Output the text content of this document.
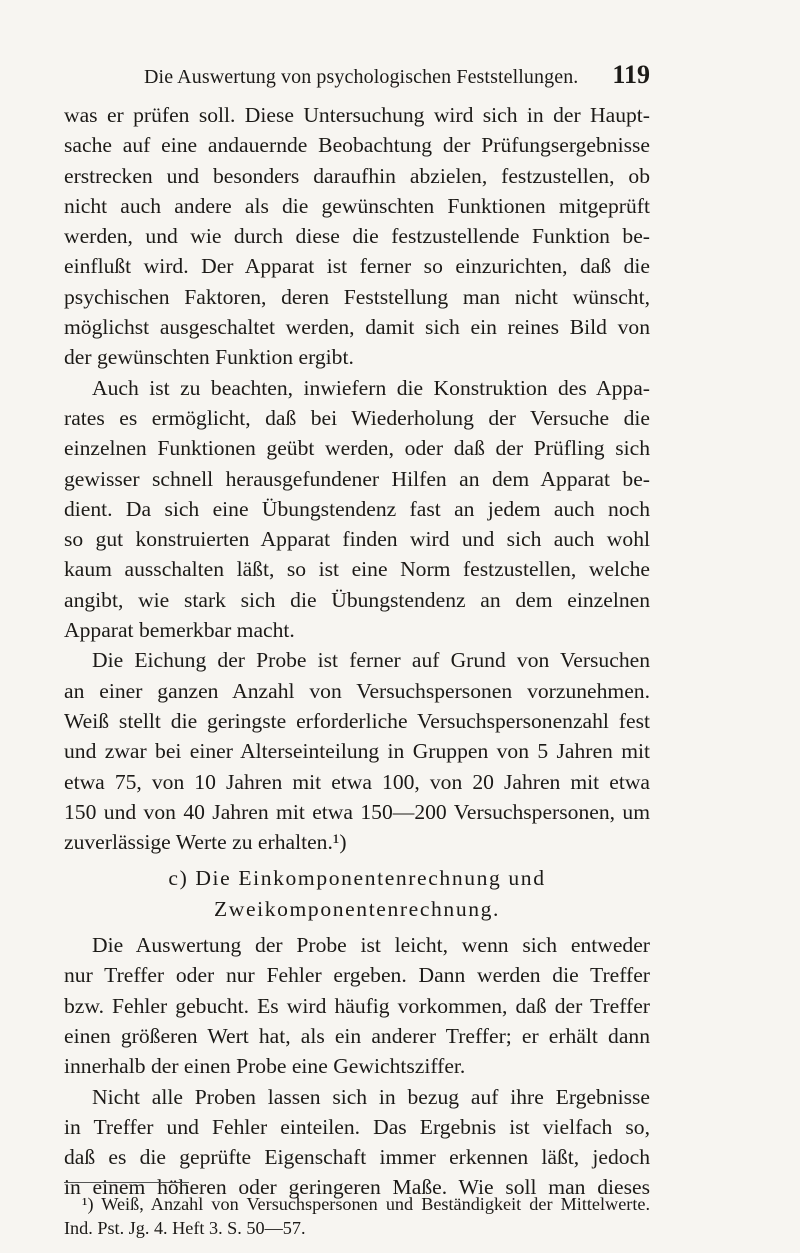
Die Auswertung von psychologischen Feststellungen. 119
was er prüfen soll. Diese Untersuchung wird sich in der Haupt-
sache auf eine andauernde Beobachtung der Prüfungsergebnisse
erstrecken und besonders daraufhin abzielen, festzustellen, ob
nicht auch andere als die gewünschten Funktionen mitgeprüft
werden, und wie durch diese die festzustellende Funktion be-
einflußt wird. Der Apparat ist ferner so einzurichten, daß die
psychischen Faktoren, deren Feststellung man nicht wünscht,
möglichst ausgeschaltet werden, damit sich ein reines Bild von
der gewünschten Funktion ergibt.
Auch ist zu beachten, inwiefern die Konstruktion des Appa-
rates es ermöglicht, daß bei Wiederholung der Versuche die
einzelnen Funktionen geübt werden, oder daß der Prüfling sich
gewisser schnell herausgefundener Hilfen an dem Apparat be-
dient. Da sich eine Übungstendenz fast an jedem auch noch
so gut konstruierten Apparat finden wird und sich auch wohl
kaum ausschalten läßt, so ist eine Norm festzustellen, welche
angibt, wie stark sich die Übungstendenz an dem einzelnen
Apparat bemerkbar macht.
Die Eichung der Probe ist ferner auf Grund von Versuchen
an einer ganzen Anzahl von Versuchspersonen vorzunehmen.
Weiß stellt die geringste erforderliche Versuchspersonenzahl fest
und zwar bei einer Alterseinteilung in Gruppen von 5 Jahren mit
etwa 75, von 10 Jahren mit etwa 100, von 20 Jahren mit etwa
150 und von 40 Jahren mit etwa 150—200 Versuchspersonen, um
zuverlässige Werte zu erhalten.¹)
c) Die Einkomponentenrechnung und
Zweikomponentenrechnung.
Die Auswertung der Probe ist leicht, wenn sich entweder
nur Treffer oder nur Fehler ergeben. Dann werden die Treffer
bzw. Fehler gebucht. Es wird häufig vorkommen, daß der Treffer
einen größeren Wert hat, als ein anderer Treffer; er erhält dann
innerhalb der einen Probe eine Gewichtsziffer.
Nicht alle Proben lassen sich in bezug auf ihre Ergebnisse
in Treffer und Fehler einteilen. Das Ergebnis ist vielfach so,
daß es die geprüfte Eigenschaft immer erkennen läßt, jedoch
in einem höheren oder geringeren Maße. Wie soll man dieses
¹) Weiß, Anzahl von Versuchspersonen und Beständigkeit der Mittelwerte.
Ind. Pst. Jg. 4. Heft 3. S. 50—57.
